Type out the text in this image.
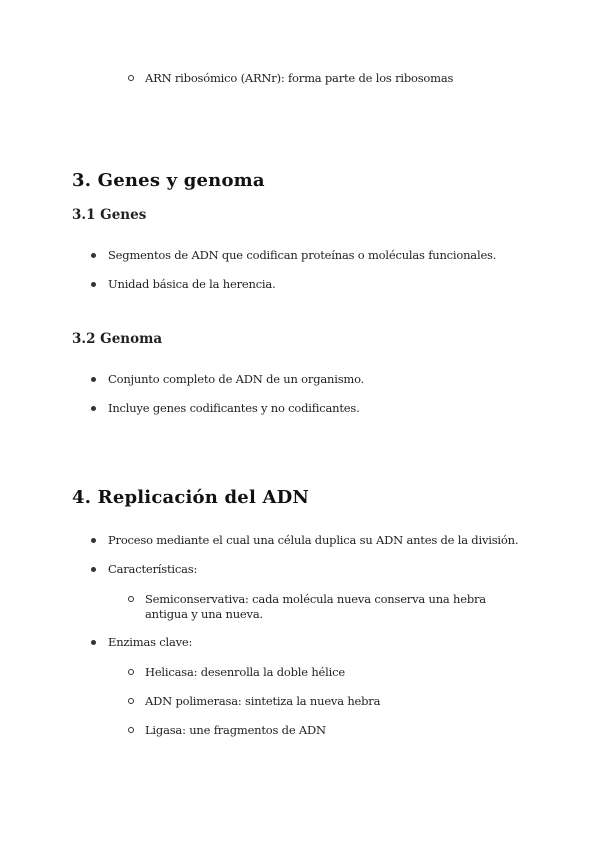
ARN ribosómico (ARNr): forma parte de los ribosomas
3. Genes y genoma
3.1 Genes
Segmentos de ADN que codifican proteínas o moléculas funcionales.
Unidad básica de la herencia.
3.2 Genoma
Conjunto completo de ADN de un organismo.
Incluye genes codificantes y no codificantes.
4. Replicación del ADN
Proceso mediante el cual una célula duplica su ADN antes de la división.
Características:
Semiconservativa: cada molécula nueva conserva una hebra antigua y una nueva.
Enzimas clave:
Helicasa: desenrolla la doble hélice
ADN polimerasa: sintetiza la nueva hebra
Ligasa: une fragmentos de ADN
